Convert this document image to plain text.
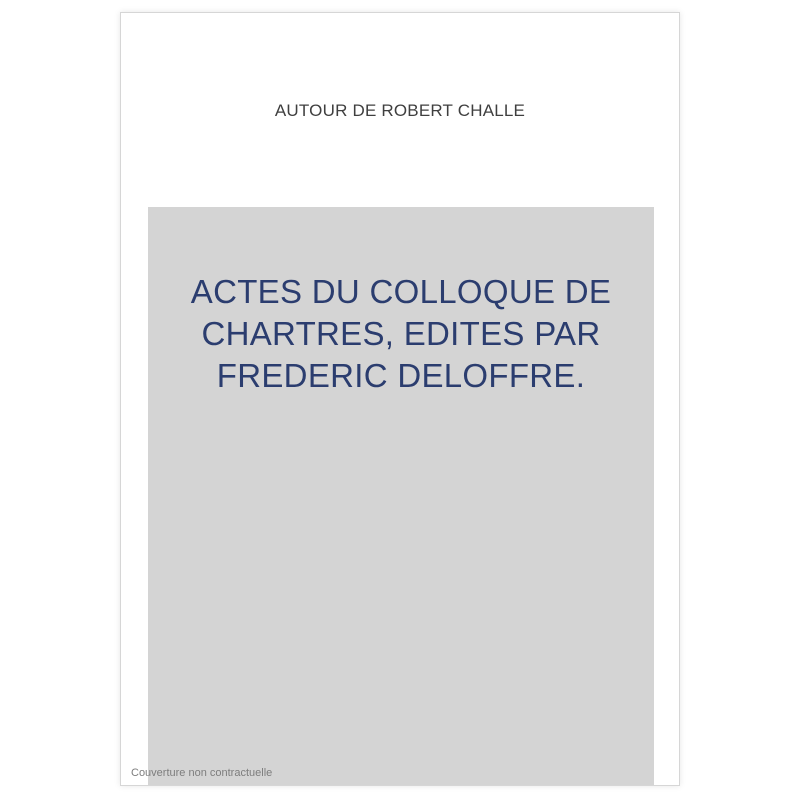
AUTOUR DE ROBERT CHALLE
ACTES DU COLLOQUE DE
CHARTRES, EDITES PAR
FREDERIC DELOFFRE.
Couverture non contractuelle
